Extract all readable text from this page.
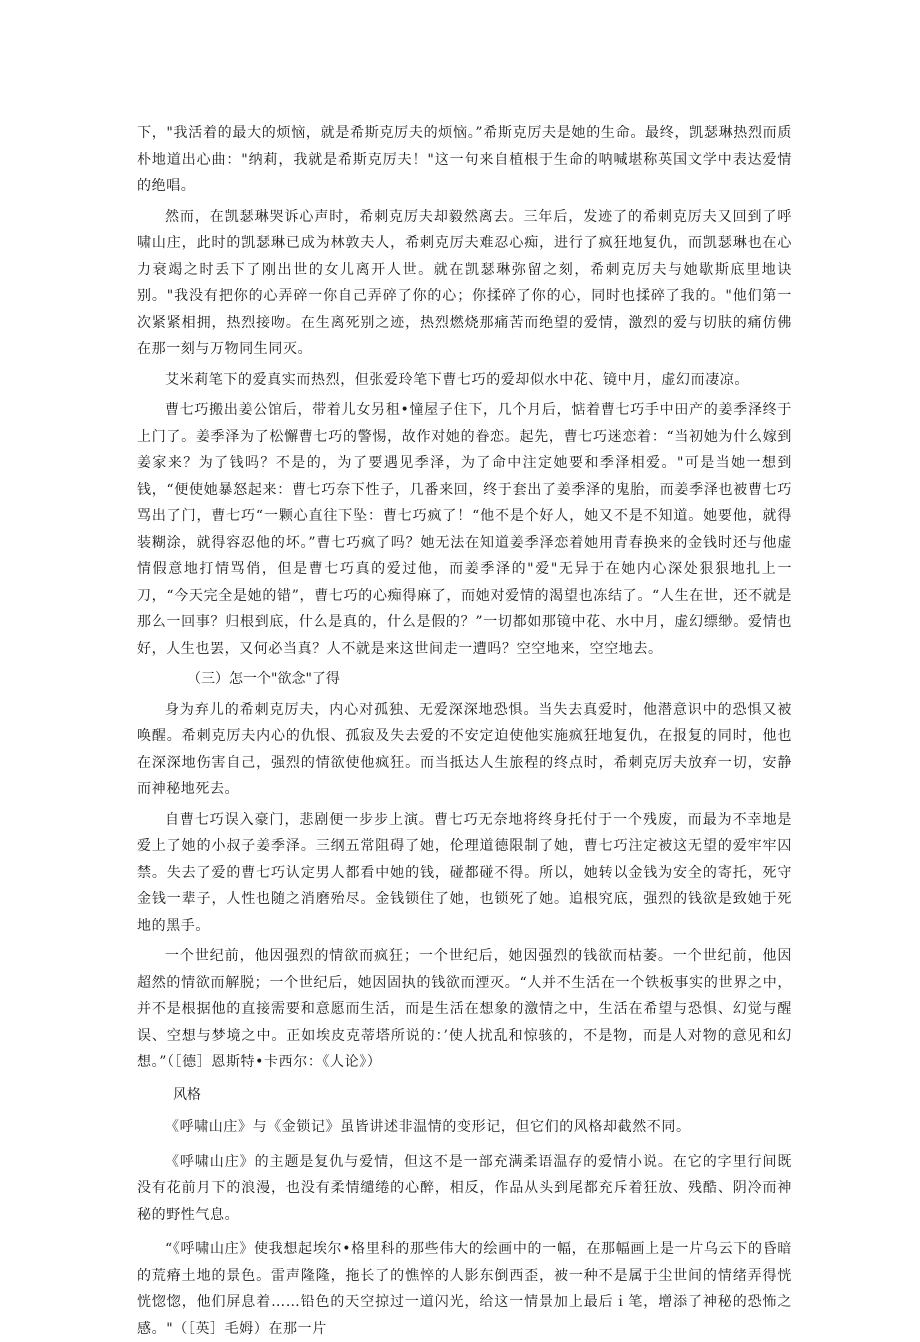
下，"我活着的最大的烦恼，就是希斯克厉夫的烦恼。”希斯克厉夫是她的生命。最终，凯瑟琳热烈而质朴地道出心曲："纳莉，我就是希斯克厉夫！"这一句来自植根于生命的呐喊堪称英国文学中表达爱情的绝唱。

然而，在凯瑟琳哭诉心声时，希刺克厉夫却毅然离去。三年后，发迹了的希刺克厉夫又回到了呼啸山庄，此时的凯瑟琳已成为林敦夫人，希刺克厉夫难忍心痴，进行了疯狂地复仇，而凯瑟琳也在心力衰竭之时丢下了刚出世的女儿离开人世。就在凯瑟琳弥留之刻，希刺克厉夫与她歇斯底里地诀别。"我没有把你的心弄碎一你自己弄碎了你的心；你揉碎了你的心，同时也揉碎了我的。"他们第一次紧紧相拥，热烈接吻。在生离死别之迹，热烈燃烧那痛苦而绝望的爱情，激烈的爱与切肤的痛仿佛在那一刻与万物同生同灭。

艾米莉笔下的爱真实而热烈，但张爱玲笔下曹七巧的爱却似水中花、镜中月，虚幻而凄凉。

曹七巧搬出姜公馆后，带着儿女另租•憧屋子住下，几个月后，惦着曹七巧手中田产的姜季泽终于上门了。姜季泽为了松懈曹七巧的警惕，故作对她的眷恋。起先，曹七巧迷恋着：“当初她为什么嫁到姜家来？为了钱吗？不是的，为了要遇见季泽，为了命中注定她要和季泽相爱。"可是当她一想到钱，“便使她暴怒起来：曹七巧奈下性子，几番来回，终于套出了姜季泽的鬼胎，而姜季泽也被曹七巧骂出了门，曹七巧“一颗心直往下坠：曹七巧疯了！“他不是个好人，她又不是不知道。她要他，就得装糊涂，就得容忍他的坏。”曹七巧疯了吗？她无法在知道姜季泽恋着她用青春换来的金钱时还与他虚情假意地打情骂俏，但是曹七巧真的爱过他，而姜季泽的"爱"无异于在她内心深处狠狠地扎上一刀，“今天完全是她的错”，曹七巧的心痴得麻了，而她对爱情的渴望也冻结了。“人生在世，还不就是那么一回事？归根到底，什么是真的，什么是假的？”一切都如那镜中花、水中月，虚幻缥缈。爱情也好，人生也罢，又何必当真？人不就是来这世间走一遭吗？空空地来，空空地去。

（三）怎一个"欲念"了得

身为弃儿的希刺克厉夫，内心对孤独、无爱深深地恐惧。当失去真爱时，他潜意识中的恐惧又被唤醒。希刺克厉夫内心的仇恨、孤寂及失去爱的不安定迫使他实施疯狂地复仇，在报复的同时，他也在深深地伤害自己，强烈的情欲使他疯狂。而当抵达人生旅程的终点时，希刺克厉夫放弃一切，安静而神秘地死去。

自曹七巧误入豪门，悲剧便一步步上演。曹七巧无奈地将终身托付于一个残废，而最为不幸地是爱上了她的小叔子姜季泽。三纲五常阻碍了她，伦理道德限制了她，曹七巧注定被这无望的爱牢牢囚禁。失去了爱的曹七巧认定男人都看中她的钱，碰都碰不得。所以，她转以金钱为安全的寄托，死守金钱一辈子，人性也随之消磨殆尽。金钱锁住了她，也锁死了她。追根究底，强烈的钱欲是致她于死地的黑手。

一个世纪前，他因强烈的情欲而疯狂；一个世纪后，她因强烈的钱欲而枯萎。一个世纪前，他因超然的情欲而解脱；一个世纪后，她因固执的钱欲而湮灭。“人并不生活在一个铁板事实的世界之中，并不是根据他的直接需要和意愿而生活，而是生活在想象的激情之中，生活在希望与恐惧、幻觉与醒误、空想与梦境之中。正如埃皮克蒂塔所说的：’使人扰乱和惊骇的，不是物，而是人对物的意见和幻想。”（［德］恩斯特•卡西尔：《人论》）

风格

《呼啸山庄》与《金锁记》虽皆讲述非温情的变形记，但它们的风格却截然不同。

《呼啸山庄》的主题是复仇与爱情，但这不是一部充满柔语温存的爱情小说。在它的字里行间既没有花前月下的浪漫，也没有柔情缱绻的心醉，相反，作品从头到尾都充斥着狂放、残酷、阴冷而神秘的野性气息。

“《呼啸山庄》使我想起埃尔•格里科的那些伟大的绘画中的一幅，在那幅画上是一片乌云下的昏暗的荒瘠土地的景色。雷声隆隆，拖长了的憔悴的人影东倒西歪，被一种不是属于尘世间的情绪弄得恍恍惚惚，他们屏息着……铅色的天空掠过一道闪光，给这一情景加上最后ｉ笔，增添了神秘的恐怖之感。"（［英］毛姆）在那一片
